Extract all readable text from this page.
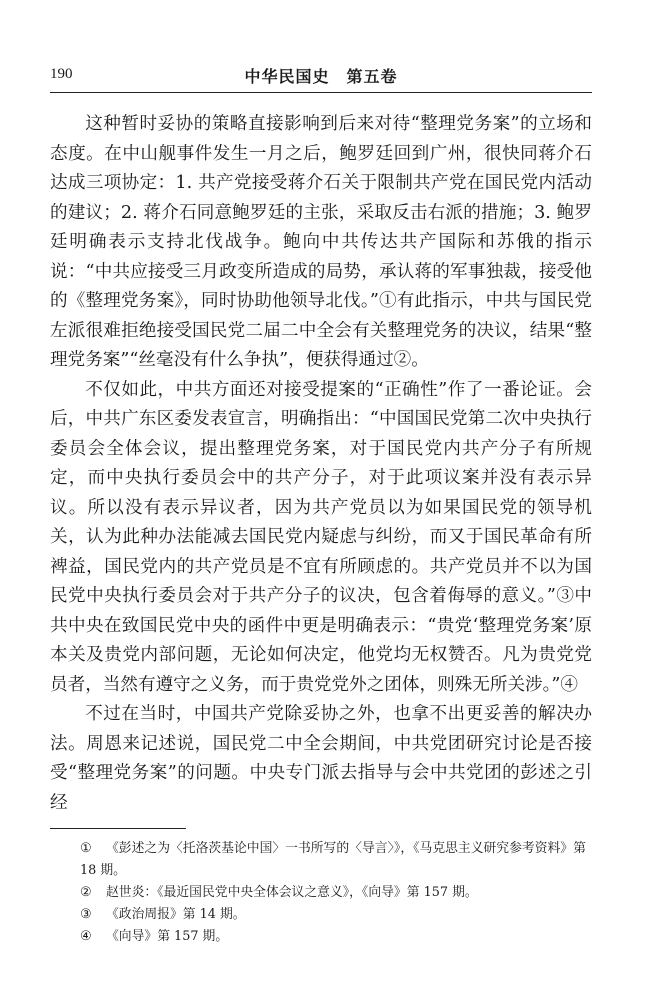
190	中华民国史　第五卷

这种暂时妥协的策略直接影响到后来对待“整理党务案”的立场和态度。在中山舰事件发生一月之后，鲍罗廷回到广州，很快同蒋介石达成三项协定：1. 共产党接受蒋介石关于限制共产党在国民党内活动的建议；2. 蒋介石同意鲍罗廷的主张，采取反击右派的措施；3. 鲍罗廷明确表示支持北伐战争。鲍向中共传达共产国际和苏俄的指示说：“中共应接受三月政变所造成的局势，承认蒋的军事独裁，接受他的《整理党务案》，同时协助他领导北伐。”①有此指示，中共与国民党左派很难拒绝接受国民党二届二中全会有关整理党务的决议，结果“整理党务案”“丝毫没有什么争执”，便获得通过②。

不仅如此，中共方面还对接受提案的“正确性”作了一番论证。会后，中共广东区委发表宣言，明确指出：“中国国民党第二次中央执行委员会全体会议，提出整理党务案，对于国民党内共产分子有所规定，而中央执行委员会中的共产分子，对于此项议案并没有表示异议。所以没有表示异议者，因为共产党员以为如果国民党的领导机关，认为此种办法能减去国民党内疑虑与纠纷，而又于国民革命有所裨益，国民党内的共产党员是不宜有所顾虑的。共产党员并不以为国民党中央执行委员会对于共产分子的议决，包含着侮辱的意义。”③中共中央在致国民党中央的函件中更是明确表示：“贵党‘整理党务案’原本关及贵党内部问题，无论如何决定，他党均无权赞否。凡为贵党党员者，当然有遵守之义务，而于贵党党外之团体，则殊无所关涉。”④

不过在当时，中国共产党除妥协之外，也拿不出更妥善的解决办法。周恩来记述说，国民党二中全会期间，中共党团研究讨论是否接受“整理党务案”的问题。中央专门派去指导与会中共党团的彭述之引经

① 《彭述之为〈托洛茨基论中国〉一书所写的〈导言〉》，《马克思主义研究参考资料》第 18 期。
② 赵世炎：《最近国民党中央全体会议之意义》，《向导》第 157 期。
③ 《政治周报》第 14 期。
④ 《向导》第 157 期。
